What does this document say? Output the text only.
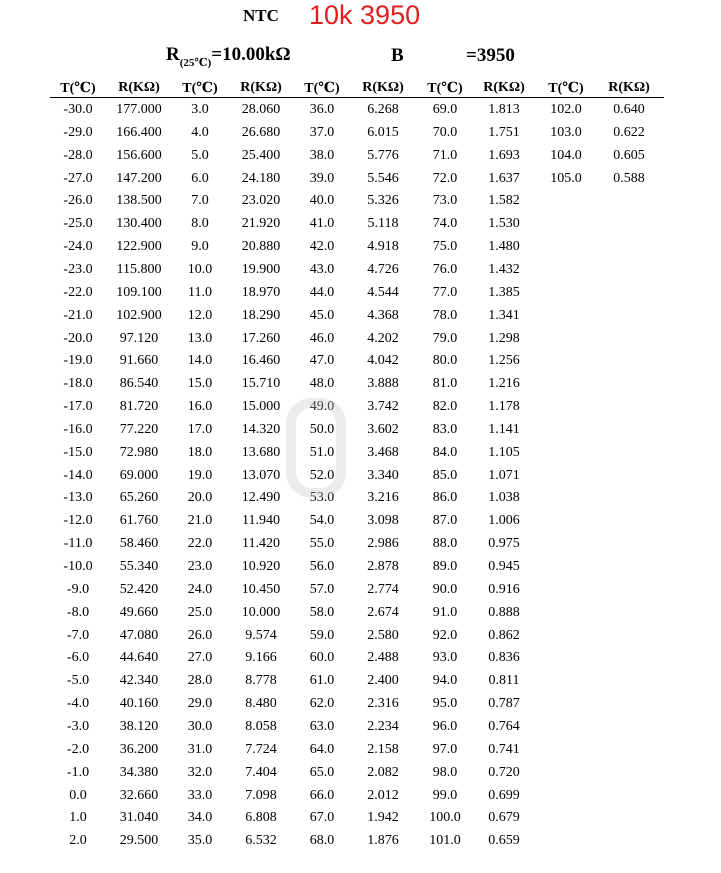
NTC 10k 3950
$R_{(25℃)}=10.00k\Omega$	B	=3950
T(℃)
-30.0
-29.0
-28.0
-27.0
-26.0
-25.0
-24.0
-23.0
-22.0
-21.0
-20.0
-19.0
-18.0
-17.0
-16.0
-15.0
-14.0
-13.0
-12.0
-11.0
-10.0
-9.0
-8.0
-7.0
-6.0
-5.0
-4.0
-3.0
-2.0
-1.0
0.0
1.0
2.0
R(KΩ)
177.000
166.400
156.600
147.200
138.500
130.400
122.900
115.800
109.100
102.900
97.120
91.660
86.540
81.720
77.220
72.980
69.000
65.260
61.760
58.460
55.340
52.420
49.660
47.080
44.640
42.340
40.160
38.120
36.200
34.380
32.660
31.040
29.500
T(℃)
3.0
4.0
5.0
6.0
7.0
8.0
9.0
10.0
11.0
12.0
13.0
14.0
15.0
16.0
17.0
18.0
19.0
20.0
21.0
22.0
23.0
24.0
25.0
26.0
27.0
28.0
29.0
30.0
31.0
32.0
33.0
34.0
35.0
R(KΩ)
28.060
26.680
25.400
24.180
23.020
21.920
20.880
19.900
18.970
18.290
17.260
16.460
15.710
15.000
14.320
13.680
13.070
12.490
11.940
11.420
10.920
10.450
10.000
9.574
9.166
8.778
8.480
8.058
7.724
7.404
7.098
6.808
6.532
T(℃)
36.0
37.0
38.0
39.0
40.0
41.0
42.0
43.0
44.0
45.0
46.0
47.0
48.0
49.0
50.0
51.0
52.0
53.0
54.0
55.0
56.0
57.0
58.0
59.0
60.0
61.0
62.0
63.0
64.0
65.0
66.0
67.0
68.0
R(KΩ)
6.268
6.015
5.776
5.546
5.326
5.118
4.918
4.726
4.544
4.368
4.202
4.042
3.888
3.742
3.602
3.468
3.340
3.216
3.098
2.986
2.878
2.774
2.674
2.580
2.488
2.400
2.316
2.234
2.158
2.082
2.012
1.942
1.876
T(℃)
69.0
70.0
71.0
72.0
73.0
74.0
75.0
76.0
77.0
78.0
79.0
80.0
81.0
82.0
83.0
84.0
85.0
86.0
87.0
88.0
89.0
90.0
91.0
92.0
93.0
94.0
95.0
96.0
97.0
98.0
99.0
100.0
101.0
R(KΩ)
1.813
1.751
1.693
1.637
1.582
1.530
1.480
1.432
1.385
1.341
1.298
1.256
1.216
1.178
1.141
1.105
1.071
1.038
1.006
0.975
0.945
0.916
0.888
0.862
0.836
0.811
0.787
0.764
0.741
0.720
0.699
0.679
0.659
T(℃)
102.0
103.0
104.0
105.0
R(KΩ)
0.640
0.622
0.605
0.588
